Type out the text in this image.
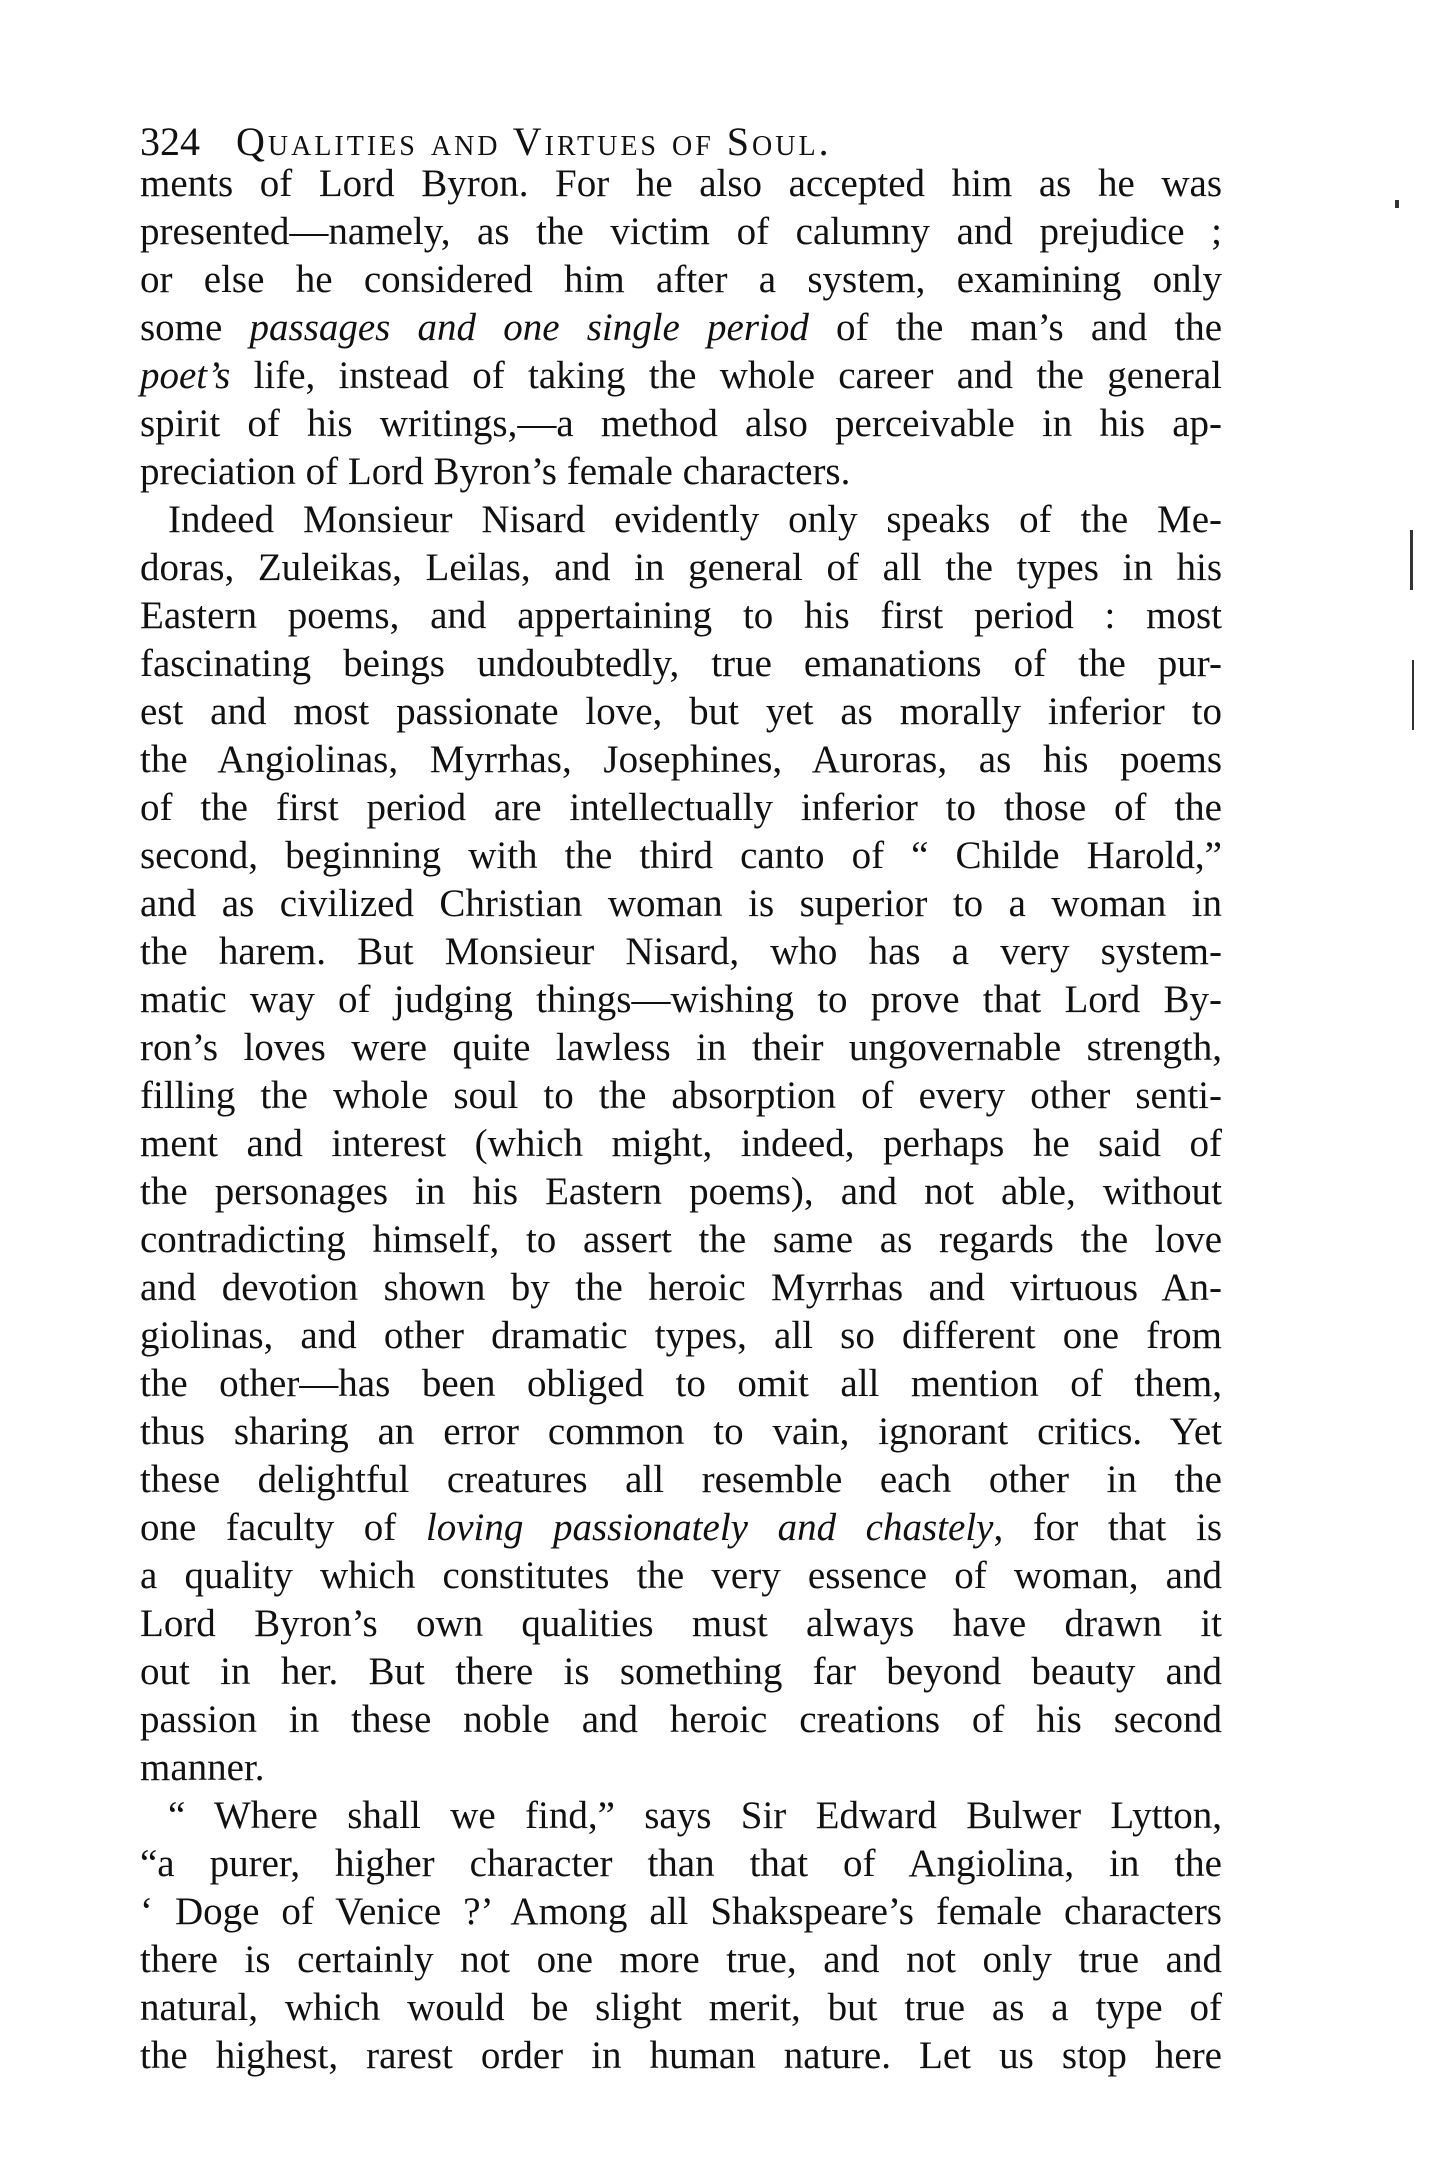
324 Qualities and Virtues of Soul.
ments of Lord Byron. For he also accepted him as he was
presented—namely, as the victim of calumny and prejudice ;
or else he considered him after a system, examining only
some passages and one single period of the man’s and the
poet’s life, instead of taking the whole career and the general
spirit of his writings,—a method also perceivable in his ap-
preciation of Lord Byron’s female characters.
Indeed Monsieur Nisard evidently only speaks of the Me-
doras, Zuleikas, Leilas, and in general of all the types in his
Eastern poems, and appertaining to his first period : most
fascinating beings undoubtedly, true emanations of the pur-
est and most passionate love, but yet as morally inferior to
the Angiolinas, Myrrhas, Josephines, Auroras, as his poems
of the first period are intellectually inferior to those of the
second, beginning with the third canto of “ Childe Harold,”
and as civilized Christian woman is superior to a woman in
the harem. But Monsieur Nisard, who has a very system-
matic way of judging things—wishing to prove that Lord By-
ron’s loves were quite lawless in their ungovernable strength,
filling the whole soul to the absorption of every other senti-
ment and interest (which might, indeed, perhaps he said of
the personages in his Eastern poems), and not able, without
contradicting himself, to assert the same as regards the love
and devotion shown by the heroic Myrrhas and virtuous An-
giolinas, and other dramatic types, all so different one from
the other—has been obliged to omit all mention of them,
thus sharing an error common to vain, ignorant critics. Yet
these delightful creatures all resemble each other in the
one faculty of loving passionately and chastely, for that is
a quality which constitutes the very essence of woman, and
Lord Byron’s own qualities must always have drawn it
out in her. But there is something far beyond beauty and
passion in these noble and heroic creations of his second
manner.
“ Where shall we find,” says Sir Edward Bulwer Lytton,
“a purer, higher character than that of Angiolina, in the
‘ Doge of Venice ?’ Among all Shakspeare’s female characters
there is certainly not one more true, and not only true and
natural, which would be slight merit, but true as a type of
the highest, rarest order in human nature. Let us stop here
